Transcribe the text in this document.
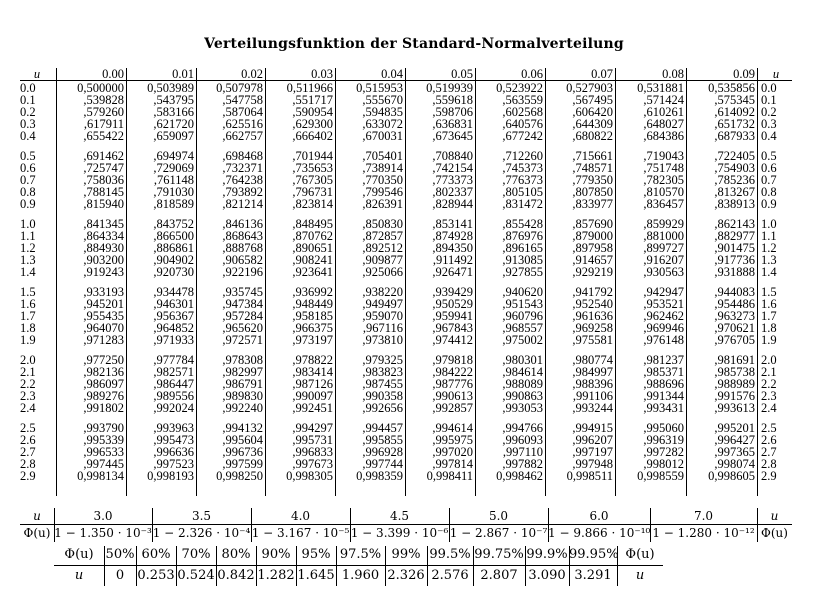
Verteilungsfunktion der Standard-Normalverteilung
u
0.0
0.1
0.2
0.3
0.4
0.5
0.6
0.7
0.8
0.9
1.0
1.1
1.2
1.3
1.4
1.5
1.6
1.7
1.8
1.9
2.0
2.1
2.2
2.3
2.4
2.5
2.6
2.7
2.8
2.9
0.00
0,500000
,539828
,579260
,617911
,655422
,691462
,725747
,758036
,788145
,815940
,841345
,864334
,884930
,903200
,919243
,933193
,945201
,955435
,964070
,971283
,977250
,982136
,986097
,989276
,991802
,993790
,995339
,996533
,997445
0,998134
0.01
0,503989
,543795
,583166
,621720
,659097
,694974
,729069
,761148
,791030
,818589
,843752
,866500
,886861
,904902
,920730
,934478
,946301
,956367
,964852
,971933
,977784
,982571
,986447
,989556
,992024
,993963
,995473
,996636
,997523
0,998193
0.02
0,507978
,547758
,587064
,625516
,662757
,698468
,732371
,764238
,793892
,821214
,846136
,868643
,888768
,906582
,922196
,935745
,947384
,957284
,965620
,972571
,978308
,982997
,986791
,989830
,992240
,994132
,995604
,996736
,997599
0,998250
0.03
0,511966
,551717
,590954
,629300
,666402
,701944
,735653
,767305
,796731
,823814
,848495
,870762
,890651
,908241
,923641
,936992
,948449
,958185
,966375
,973197
,978822
,983414
,987126
,990097
,992451
,994297
,995731
,996833
,997673
0,998305
0.04
0,515953
,555670
,594835
,633072
,670031
,705401
,738914
,770350
,799546
,826391
,850830
,872857
,892512
,909877
,925066
,938220
,949497
,959070
,967116
,973810
,979325
,983823
,987455
,990358
,992656
,994457
,995855
,996928
,997744
0,998359
0.05
0,519939
,559618
,598706
,636831
,673645
,708840
,742154
,773373
,802337
,828944
,853141
,874928
,894350
,911492
,926471
,939429
,950529
,959941
,967843
,974412
,979818
,984222
,987776
,990613
,992857
,994614
,995975
,997020
,997814
0,998411
0.06
0,523922
,563559
,602568
,640576
,677242
,712260
,745373
,776373
,805105
,831472
,855428
,876976
,896165
,913085
,927855
,940620
,951543
,960796
,968557
,975002
,980301
,984614
,988089
,990863
,993053
,994766
,996093
,997110
,997882
0,998462
0.07
0,527903
,567495
,606420
,644309
,680822
,715661
,748571
,779350
,807850
,833977
,857690
,879000
,897958
,914657
,929219
,941792
,952540
,961636
,969258
,975581
,980774
,984997
,988396
,991106
,993244
,994915
,996207
,997197
,997948
0,998511
0.08
0,531881
,571424
,610261
,648027
,684386
,719043
,751748
,782305
,810570
,836457
,859929
,881000
,899727
,916207
,930563
,942947
,953521
,962462
,969946
,976148
,981237
,985371
,988696
,991344
,993431
,995060
,996319
,997282
,998012
0,998559
0.09
0,535856
,575345
,614092
,651732
,687933
,722405
,754903
,785236
,813267
,838913
,862143
,882977
,901475
,917736
,931888
,944083
,954486
,963273
,970621
,976705
,981691
,985738
,988989
,991576
,993613
,995201
,996427
,997365
,998074
0,998605
u
0.0
0.1
0.2
0.3
0.4
0.5
0.6
0.7
0.8
0.9
1.0
1.1
1.2
1.3
1.4
1.5
1.6
1.7
1.8
1.9
2.0
2.1
2.2
2.3
2.4
2.5
2.6
2.7
2.8
2.9
u
Φ(u)
3.0
1 − 1.350 · 10⁻³
3.5
1 − 2.326 · 10⁻⁴
4.0
1 − 3.167 · 10⁻⁵
4.5
1 − 3.399 · 10⁻⁶
5.0
1 − 2.867 · 10⁻⁷
6.0
1 − 9.866 · 10⁻¹⁰
7.0
1 − 1.280 · 10⁻¹²
u
Φ(u)
Φ(u)
u
50%
0
60%
0.253
70%
0.524
80%
0.842
90%
1.282
95%
1.645
97.5%
1.960
99%
2.326
99.5%
2.576
99.75%
2.807
99.9%
3.090
99.95%
3.291
Φ(u)
u
